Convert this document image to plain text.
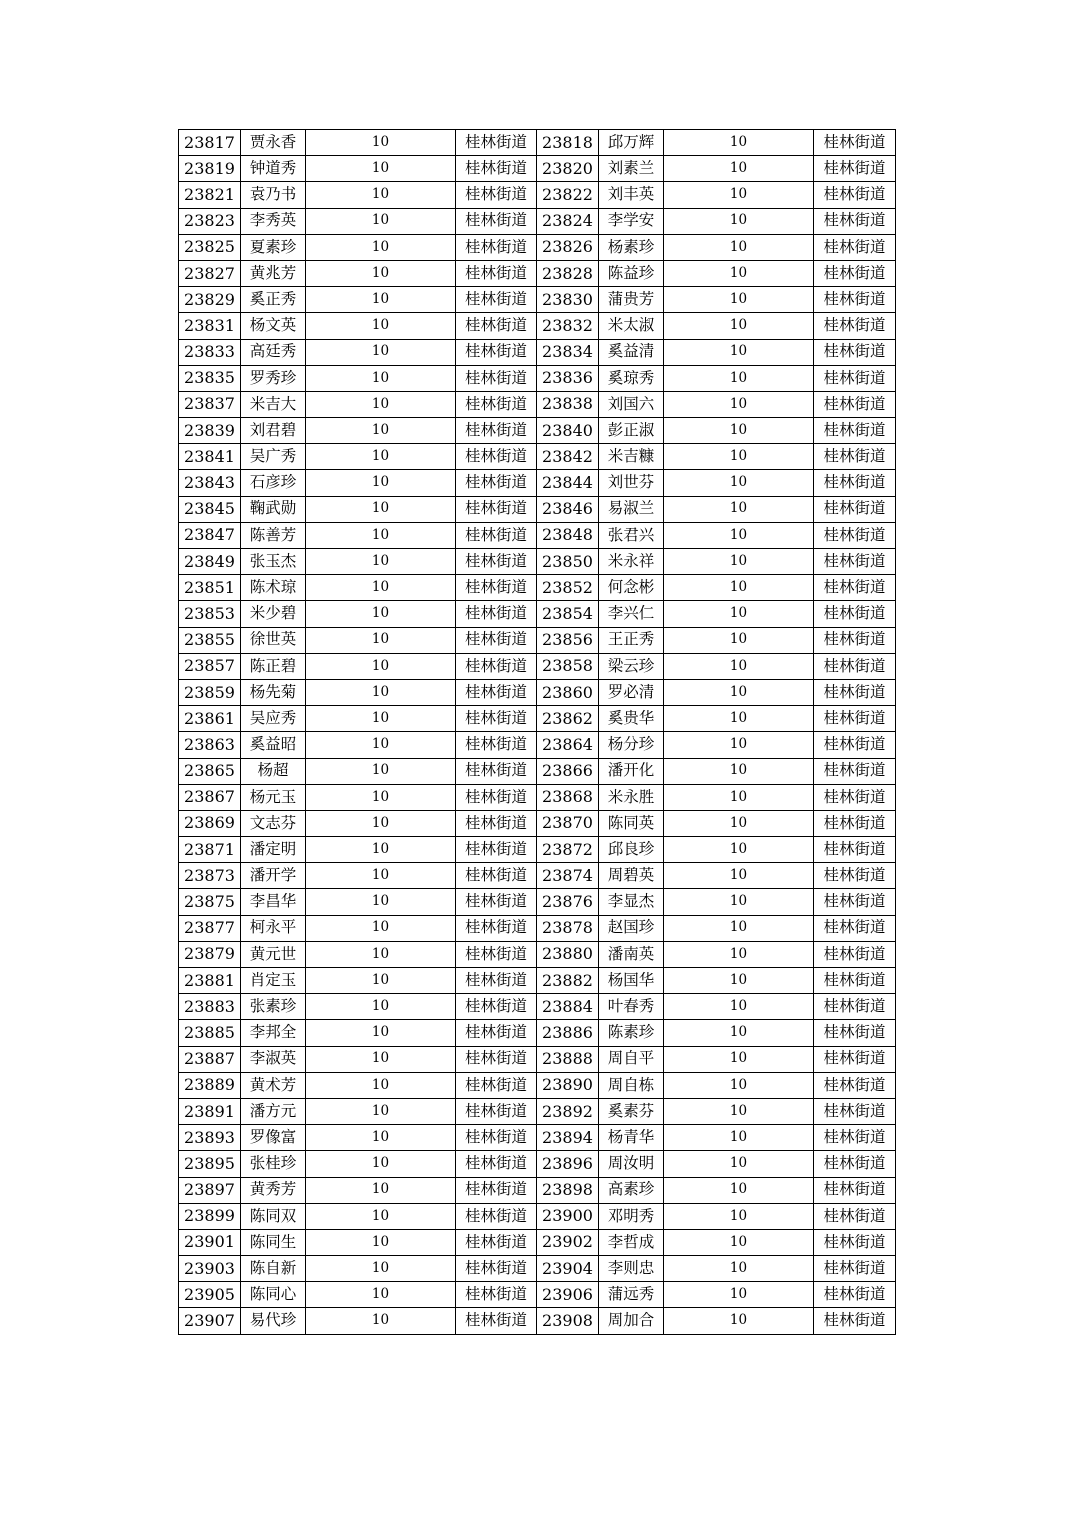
23817	贾永香	10	桂林街道	23818	邱万辉	10	桂林街道
23819	钟道秀	10	桂林街道	23820	刘素兰	10	桂林街道
23821	袁乃书	10	桂林街道	23822	刘丰英	10	桂林街道
23823	李秀英	10	桂林街道	23824	李学安	10	桂林街道
23825	夏素珍	10	桂林街道	23826	杨素珍	10	桂林街道
23827	黄兆芳	10	桂林街道	23828	陈益珍	10	桂林街道
23829	奚正秀	10	桂林街道	23830	蒲贵芳	10	桂林街道
23831	杨文英	10	桂林街道	23832	米太淑	10	桂林街道
23833	高廷秀	10	桂林街道	23834	奚益清	10	桂林街道
23835	罗秀珍	10	桂林街道	23836	奚琼秀	10	桂林街道
23837	米吉大	10	桂林街道	23838	刘国六	10	桂林街道
23839	刘君碧	10	桂林街道	23840	彭正淑	10	桂林街道
23841	吴广秀	10	桂林街道	23842	米吉糠	10	桂林街道
23843	石彦珍	10	桂林街道	23844	刘世芬	10	桂林街道
23845	鞠武勋	10	桂林街道	23846	易淑兰	10	桂林街道
23847	陈善芳	10	桂林街道	23848	张君兴	10	桂林街道
23849	张玉杰	10	桂林街道	23850	米永祥	10	桂林街道
23851	陈术琼	10	桂林街道	23852	何念彬	10	桂林街道
23853	米少碧	10	桂林街道	23854	李兴仁	10	桂林街道
23855	徐世英	10	桂林街道	23856	王正秀	10	桂林街道
23857	陈正碧	10	桂林街道	23858	梁云珍	10	桂林街道
23859	杨先菊	10	桂林街道	23860	罗必清	10	桂林街道
23861	吴应秀	10	桂林街道	23862	奚贵华	10	桂林街道
23863	奚益昭	10	桂林街道	23864	杨分珍	10	桂林街道
23865	杨超	10	桂林街道	23866	潘开化	10	桂林街道
23867	杨元玉	10	桂林街道	23868	米永胜	10	桂林街道
23869	文志芬	10	桂林街道	23870	陈同英	10	桂林街道
23871	潘定明	10	桂林街道	23872	邱良珍	10	桂林街道
23873	潘开学	10	桂林街道	23874	周碧英	10	桂林街道
23875	李昌华	10	桂林街道	23876	李显杰	10	桂林街道
23877	柯永平	10	桂林街道	23878	赵国珍	10	桂林街道
23879	黄元世	10	桂林街道	23880	潘南英	10	桂林街道
23881	肖定玉	10	桂林街道	23882	杨国华	10	桂林街道
23883	张素珍	10	桂林街道	23884	叶春秀	10	桂林街道
23885	李邦全	10	桂林街道	23886	陈素珍	10	桂林街道
23887	李淑英	10	桂林街道	23888	周自平	10	桂林街道
23889	黄术芳	10	桂林街道	23890	周自栋	10	桂林街道
23891	潘方元	10	桂林街道	23892	奚素芬	10	桂林街道
23893	罗像富	10	桂林街道	23894	杨青华	10	桂林街道
23895	张桂珍	10	桂林街道	23896	周汝明	10	桂林街道
23897	黄秀芳	10	桂林街道	23898	高素珍	10	桂林街道
23899	陈同双	10	桂林街道	23900	邓明秀	10	桂林街道
23901	陈同生	10	桂林街道	23902	李哲成	10	桂林街道
23903	陈自新	10	桂林街道	23904	李则忠	10	桂林街道
23905	陈同心	10	桂林街道	23906	蒲远秀	10	桂林街道
23907	易代珍	10	桂林街道	23908	周加合	10	桂林街道
